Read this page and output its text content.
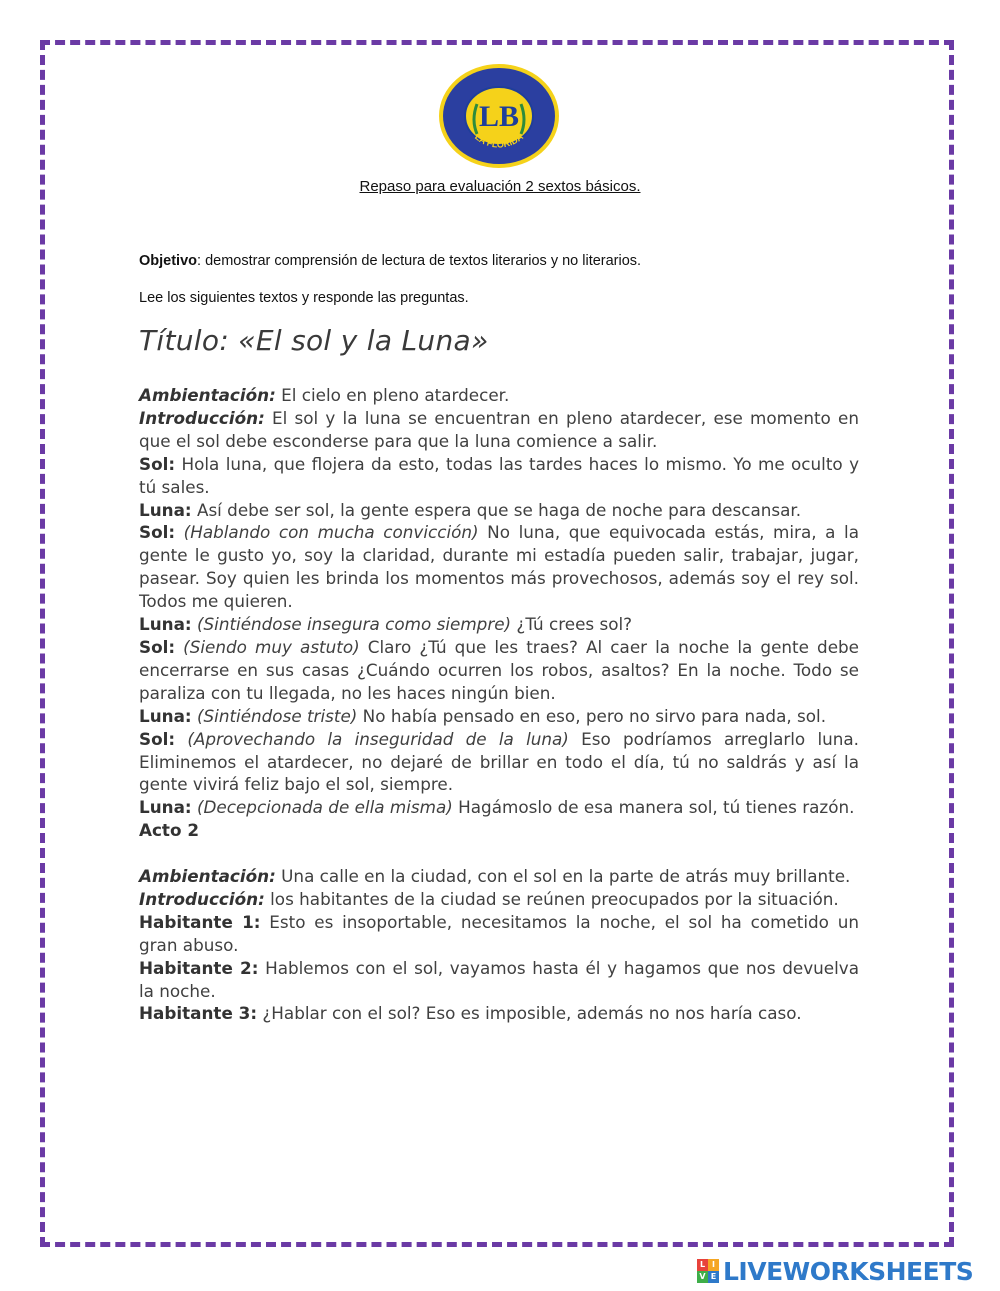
LA FLORIDA
LB
Repaso para evaluación 2 sextos básicos.
Objetivo: demostrar comprensión de lectura de textos literarios y no literarios.
Lee los siguientes textos y responde las preguntas.
Título: «El sol y la Luna»

Ambientación: El cielo en pleno atardecer.

Introducción: El sol y la luna se encuentran en pleno atardecer, ese momento en que el sol debe esconderse para que la luna comience a salir.

Sol: Hola luna, que flojera da esto, todas las tardes haces lo mismo. Yo me oculto y tú sales.

Luna: Así debe ser sol, la gente espera que se haga de noche para descansar.

Sol: (Hablando con mucha convicción) No luna, que equivocada estás, mira, a la gente le gusto yo, soy la claridad, durante mi estadía pueden salir, trabajar, jugar, pasear. Soy quien les brinda los momentos más provechosos, además soy el rey sol. Todos me quieren.

Luna: (Sintiéndose insegura como siempre) ¿Tú crees sol?

Sol: (Siendo muy astuto) Claro ¿Tú que les traes? Al caer la noche la gente debe encerrarse en sus casas ¿Cuándo ocurren los robos, asaltos? En la noche. Todo se paraliza con tu llegada, no les haces ningún bien.

Luna: (Sintiéndose triste) No había pensado en eso, pero no sirvo para nada, sol.

Sol: (Aprovechando la inseguridad de la luna) Eso podríamos arreglarlo luna. Eliminemos el atardecer, no dejaré de brillar en todo el día, tú no saldrás y así la gente vivirá feliz bajo el sol, siempre.

Luna: (Decepcionada de ella misma) Hagámoslo de esa manera sol, tú tienes razón.

Acto 2

Ambientación: Una calle en la ciudad, con el sol en la parte de atrás muy brillante.

Introducción: los habitantes de la ciudad se reúnen preocupados por la situación.

Habitante 1: Esto es insoportable, necesitamos la noche, el sol ha cometido un gran abuso.

Habitante 2: Hablemos con el sol, vayamos hasta él y hagamos que nos devuelva la noche.

Habitante 3: ¿Hablar con el sol? Eso es imposible, además no nos haría caso.

L I
V E LIVEWORKSHEETS
